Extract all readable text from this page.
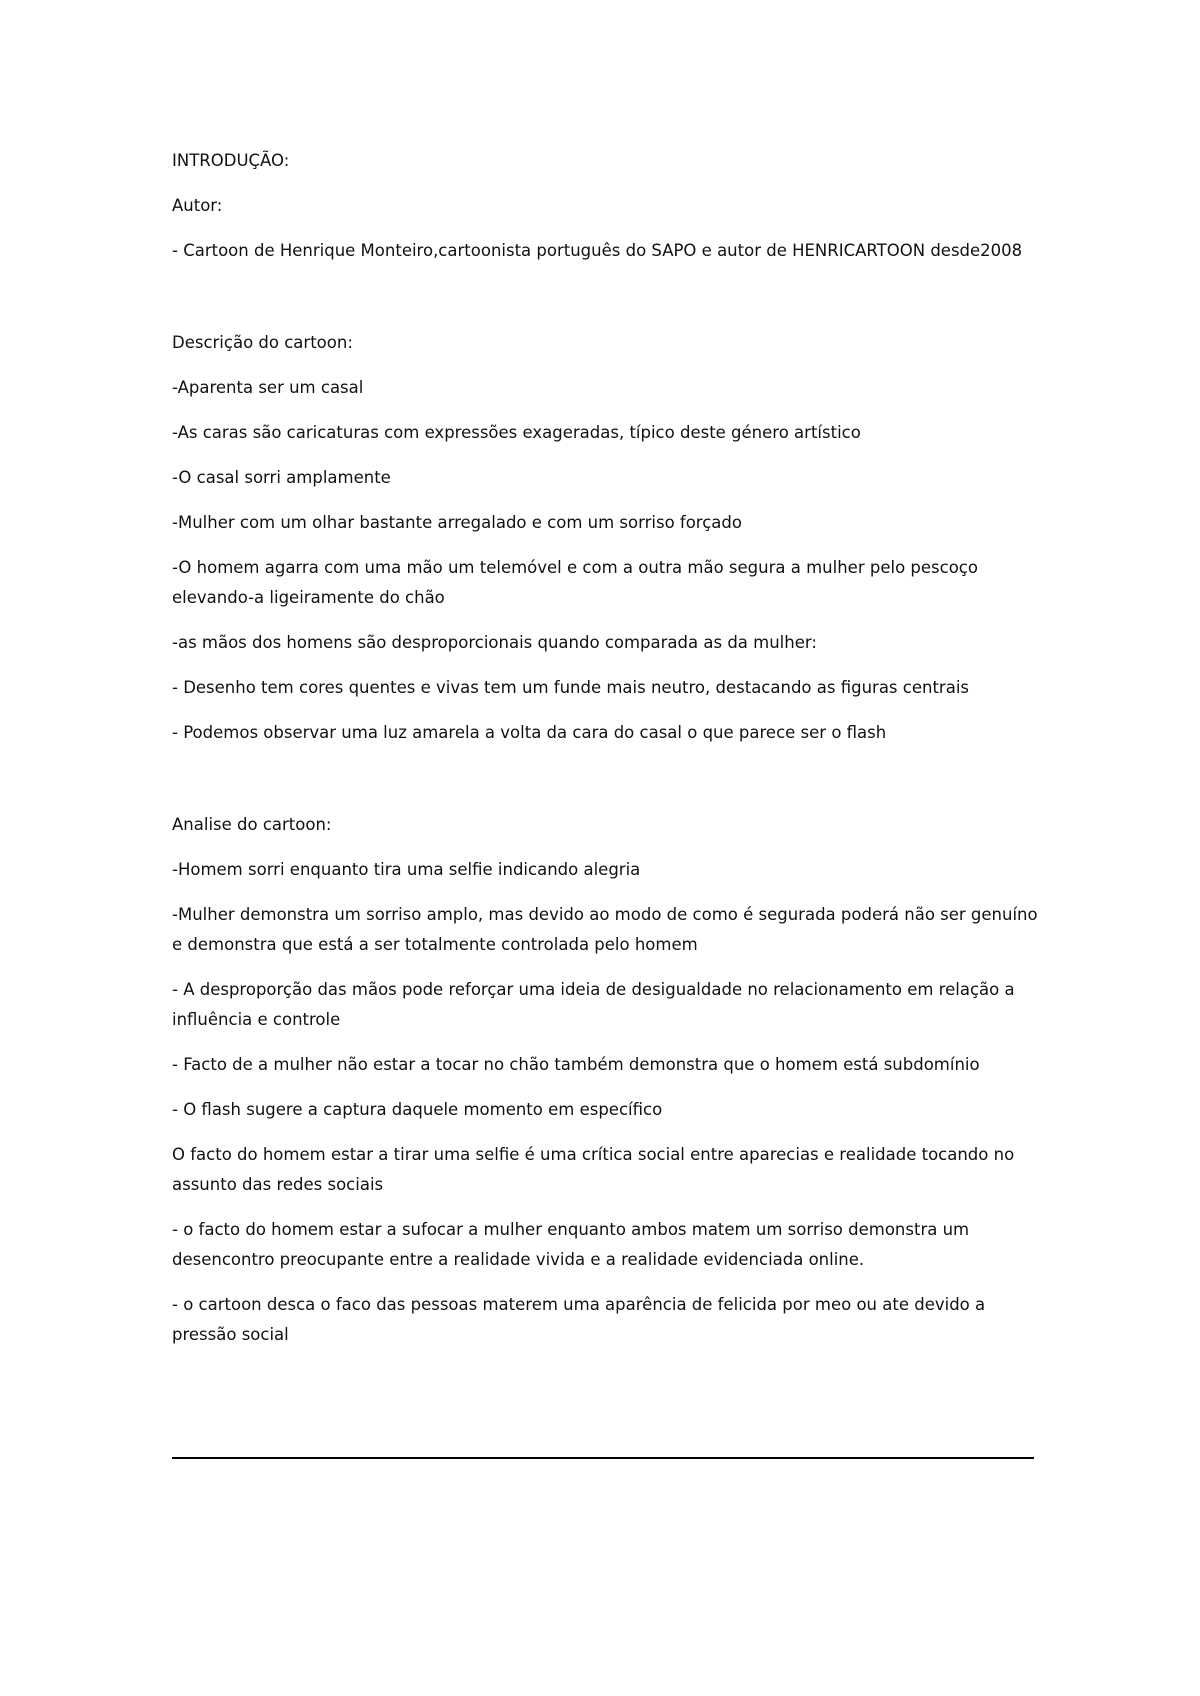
INTRODUÇÃO:

Autor:

- Cartoon de Henrique Monteiro,cartoonista português do SAPO e autor de HENRICARTOON desde2008

Descrição do cartoon:

-Aparenta ser um casal

-As caras são caricaturas com expressões exageradas, típico deste género artístico

-O casal sorri amplamente

-Mulher com um olhar bastante arregalado e com um sorriso forçado

-O homem agarra com uma mão um telemóvel e com a outra mão segura a mulher pelo pescoço elevando-a ligeiramente do chão

-as mãos dos homens são desproporcionais quando comparada as da mulher:

- Desenho tem cores quentes e vivas tem um funde mais neutro, destacando as figuras centrais

- Podemos observar uma luz amarela a volta da cara do casal o que parece ser o flash

Analise do cartoon:

-Homem sorri enquanto tira uma selfie indicando alegria

-Mulher demonstra um sorriso amplo, mas devido ao modo de como é segurada poderá não ser genuíno e demonstra que está a ser totalmente controlada pelo homem

- A desproporção das mãos pode reforçar uma ideia de desigualdade no relacionamento em relação a influência e controle

- Facto de a mulher não estar a tocar no chão também demonstra que o homem está subdomínio

- O flash sugere a captura daquele momento em específico

O facto do homem estar a tirar uma selfie é uma crítica social entre aparecias e realidade tocando no assunto das redes sociais

- o facto do homem estar a sufocar a mulher enquanto ambos matem um sorriso demonstra um desencontro preocupante entre a realidade vivida e a realidade evidenciada online.

- o cartoon desca o faco das pessoas materem uma aparência de felicida por meo ou ate devido a pressão social
